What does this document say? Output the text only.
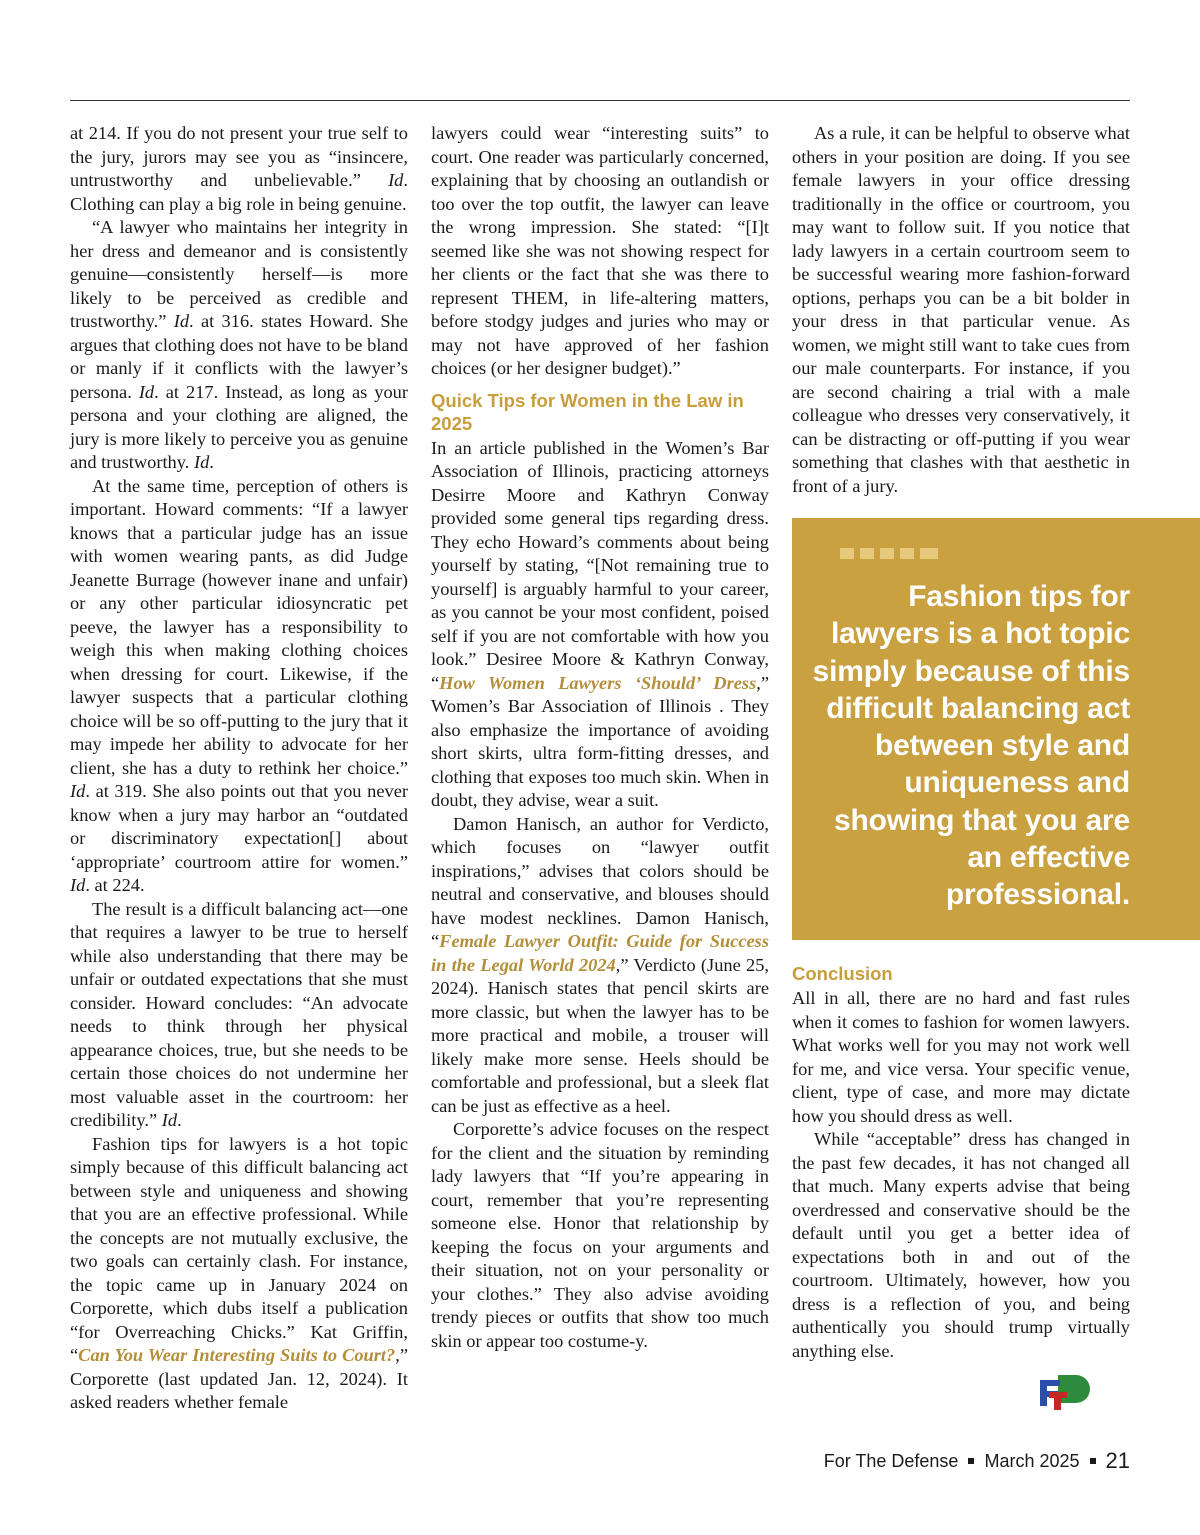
at 214. If you do not present your true self to the jury, jurors may see you as “insincere, untrustworthy and unbelievable.” Id. Clothing can play a big role in being genuine.

“A lawyer who maintains her integrity in her dress and demeanor and is consistently genuine—consistently herself—is more likely to be perceived as credible and trustworthy.” Id. at 316. states Howard. She argues that clothing does not have to be bland or manly if it conflicts with the lawyer’s persona. Id. at 217. Instead, as long as your persona and your clothing are aligned, the jury is more likely to perceive you as genuine and trustworthy. Id.

At the same time, perception of others is important. Howard comments: “If a lawyer knows that a particular judge has an issue with women wearing pants, as did Judge Jeanette Burrage (however inane and unfair) or any other particular idiosyncratic pet peeve, the lawyer has a responsibility to weigh this when making clothing choices when dressing for court. Likewise, if the lawyer suspects that a particular clothing choice will be so off-putting to the jury that it may impede her ability to advocate for her client, she has a duty to rethink her choice.” Id. at 319. She also points out that you never know when a jury may harbor an “outdated or discriminatory expectation[] about ‘appropriate’ courtroom attire for women.” Id. at 224.

The result is a difficult balancing act—one that requires a lawyer to be true to herself while also understanding that there may be unfair or outdated expectations that she must consider. Howard concludes: “An advocate needs to think through her physical appearance choices, true, but she needs to be certain those choices do not undermine her most valuable asset in the courtroom: her credibility.” Id.

Fashion tips for lawyers is a hot topic simply because of this difficult balancing act between style and uniqueness and showing that you are an effective professional. While the concepts are not mutually exclusive, the two goals can certainly clash. For instance, the topic came up in January 2024 on Corporette, which dubs itself a publication “for Overreaching Chicks.” Kat Griffin, “Can You Wear Interesting Suits to Court?,” Corporette (last updated Jan. 12, 2024). It asked readers whether female

lawyers could wear “interesting suits” to court. One reader was particularly concerned, explaining that by choosing an outlandish or too over the top outfit, the lawyer can leave the wrong impression. She stated: “[I]t seemed like she was not showing respect for her clients or the fact that she was there to represent THEM, in life-altering matters, before stodgy judges and juries who may or may not have approved of her fashion choices (or her designer budget).”

Quick Tips for Women in the Law in 2025

In an article published in the Women’s Bar Association of Illinois, practicing attorneys Desirre Moore and Kathryn Conway provided some general tips regarding dress. They echo Howard’s comments about being yourself by stating, “[Not remaining true to yourself] is arguably harmful to your career, as you cannot be your most confident, poised self if you are not comfortable with how you look.” Desiree Moore & Kathryn Conway, “How Women Lawyers ‘Should’ Dress,” Women’s Bar Association of Illinois . They also emphasize the importance of avoiding short skirts, ultra form-fitting dresses, and clothing that exposes too much skin. When in doubt, they advise, wear a suit.

Damon Hanisch, an author for Verdicto, which focuses on “lawyer outfit inspirations,” advises that colors should be neutral and conservative, and blouses should have modest necklines. Damon Hanisch, “Female Lawyer Outfit: Guide for Success in the Legal World 2024,” Verdicto (June 25, 2024). Hanisch states that pencil skirts are more classic, but when the lawyer has to be more practical and mobile, a trouser will likely make more sense. Heels should be comfortable and professional, but a sleek flat can be just as effective as a heel.

Corporette’s advice focuses on the respect for the client and the situation by reminding lady lawyers that “If you’re appearing in court, remember that you’re representing someone else. Honor that relationship by keeping the focus on your arguments and their situation, not on your personality or your clothes.” They also advise avoiding trendy pieces or outfits that show too much skin or appear too costume-y.

As a rule, it can be helpful to observe what others in your position are doing. If you see female lawyers in your office dressing traditionally in the office or courtroom, you may want to follow suit. If you notice that lady lawyers in a certain courtroom seem to be successful wearing more fashion-forward options, perhaps you can be a bit bolder in your dress in that particular venue. As women, we might still want to take cues from our male counterparts. For instance, if you are second chairing a trial with a male colleague who dresses very conservatively, it can be distracting or off-putting if you wear something that clashes with that aesthetic in front of a jury.

Fashion tips for lawyers is a hot topic simply because of this difficult balancing act between style and uniqueness and showing that you are an effective professional.
Conclusion

All in all, there are no hard and fast rules when it comes to fashion for women lawyers. What works well for you may not work well for me, and vice versa. Your specific venue, client, type of case, and more may dictate how you should dress as well.

While “acceptable” dress has changed in the past few decades, it has not changed all that much. Many experts advise that being overdressed and conservative should be the default until you get a better idea of expectations both in and out of the courtroom. Ultimately, however, how you dress is a reflection of you, and being authentically you should trump virtually anything else.

For The Defense March 2025 21
